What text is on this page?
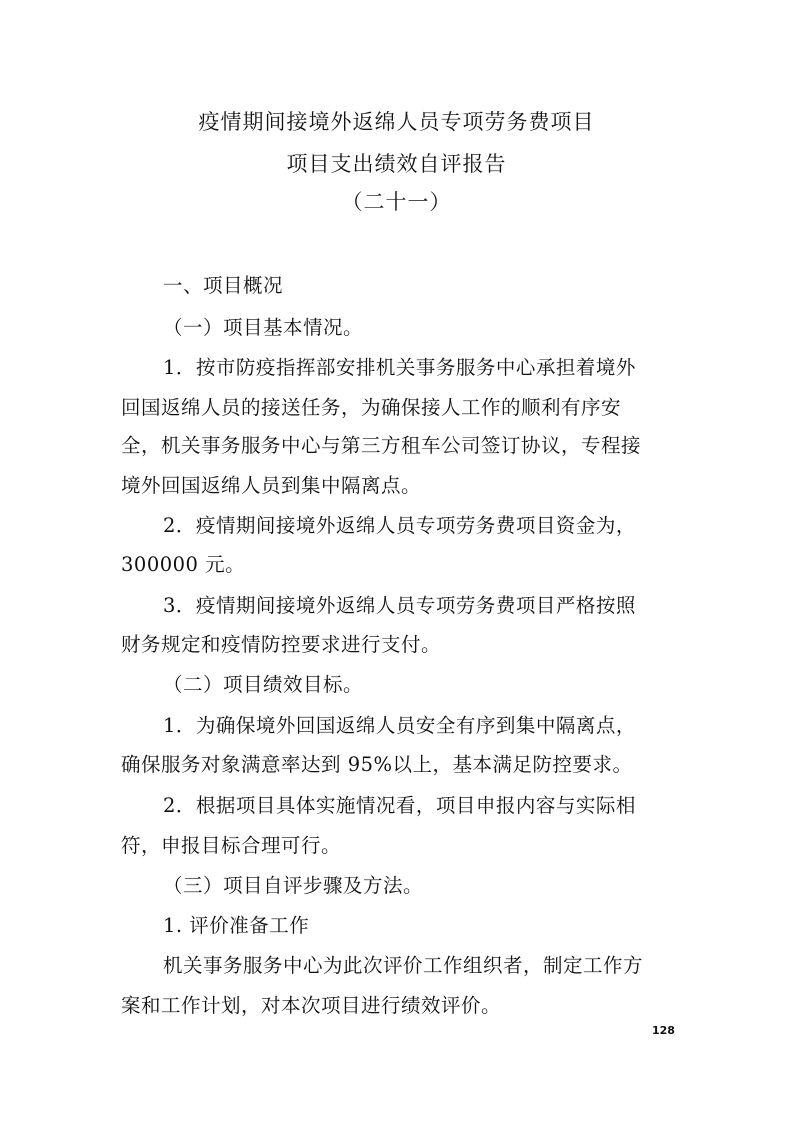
疫情期间接境外返绵人员专项劳务费项目
项目支出绩效自评报告
（二十一）
一、项目概况
（一）项目基本情况。
1．按市防疫指挥部安排机关事务服务中心承担着境外
回国返绵人员的接送任务，为确保接人工作的顺利有序安
全，机关事务服务中心与第三方租车公司签订协议，专程接
境外回国返绵人员到集中隔离点。
2．疫情期间接境外返绵人员专项劳务费项目资金为，
300000 元。
3．疫情期间接境外返绵人员专项劳务费项目严格按照
财务规定和疫情防控要求进行支付。
（二）项目绩效目标。
1．为确保境外回国返绵人员安全有序到集中隔离点，
确保服务对象满意率达到 95%以上，基本满足防控要求。
2．根据项目具体实施情况看，项目申报内容与实际相
符，申报目标合理可行。
（三）项目自评步骤及方法。
1. 评价准备工作
机关事务服务中心为此次评价工作组织者，制定工作方
案和工作计划，对本次项目进行绩效评价。
128
